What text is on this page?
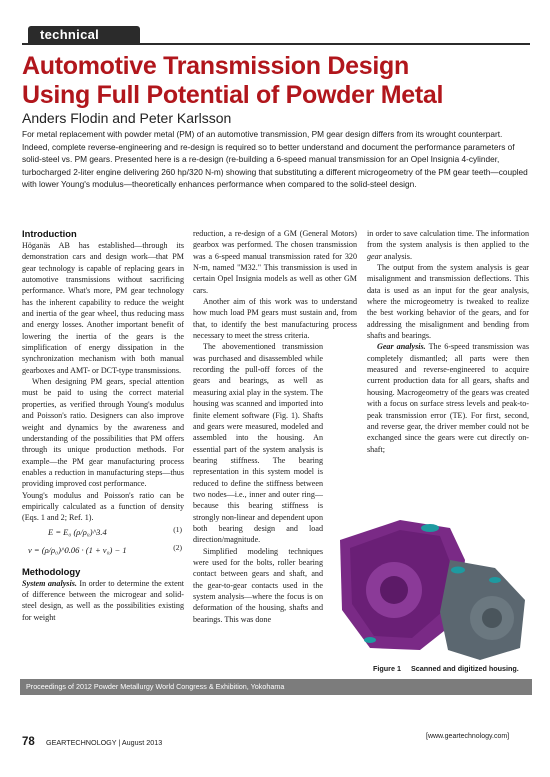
technical
Automotive Transmission Design
Using Full Potential of Powder Metal
Anders Flodin and Peter Karlsson
For metal replacement with powder metal (PM) of an automotive transmission, PM gear design differs from its wrought counterpart. Indeed, complete reverse-engineering and re-design is required so to better understand and document the performance parameters of solid-steel vs. PM gears. Presented here is a re-design (re-building a 6-speed manual transmission for an Opel Insignia 4-cylinder, turbocharged 2-liter engine delivering 260 hp/320 N-m) showing that substituting a different microgeometry of the PM gear teeth—coupled with lower Young's modulus—theoretically enhances performance when compared to the solid-steel design.
Introduction

Höganäs AB has established—through its demonstration cars and design work—that PM gear technology is capable of replacing gears in automotive transmissions without sacrificing performance. What's more, PM gear technology has the inherent capability to reduce the weight and inertia of the gear wheel, thus reducing mass and energy losses. Another important benefit of lowering the inertia of the gears is the simplification of energy dissipation in the synchronization mechanism with both manual gearboxes and AMT- or DCT-type transmissions.

When designing PM gears, special attention must be paid to using the correct material properties, as verified through Young's modulus and Poisson's ratio. Designers can also improve weight and dynamics by the awareness and understanding of the possibilities that PM offers through its unique production methods. For example—the PM gear manufacturing process enables a reduction in manufacturing steps—thus providing improved cost performance.

Young's modulus and Poisson's ratio can be empirically calculated as a function of density (Eqs. 1 and 2; Ref. 1).

E = E₀ (ρ/ρ₀)^3.4	(1)
ν = (ρ/ρ₀)^0.06 · (1 + ν₀) − 1	(2)
Methodology

System analysis. In order to determine the extent of difference between the microgear and solid-steel design, as well as the possibilities existing for weight

reduction, a re-design of a GM (General Motors) gearbox was performed. The chosen transmission was a 6-speed manual transmission rated for 320 N-m, named "M32." This transmission is used in certain Opel Insignia models as well as other GM cars.

Another aim of this work was to understand how much load PM gears must sustain and, from that, to identify the best manufacturing process necessary to meet the stress criteria.

The abovementioned transmission was purchased and disassembled while recording the pull-off forces of the gears and bearings, as well as measuring axial play in the system. The housing was scanned and imported into finite element software (Fig. 1). Shafts and gears were measured, modeled and assembled into the housing. An essential part of the system analysis is bearing stiffness. The bearing representation in this system model is reduced to define the stiffness between two nodes—i.e., inner and outer ring—because this bearing stiffness is strongly non-linear and dependent upon both bearing design and load direction/magnitude.

Simplified modeling techniques were used for the bolts, roller bearing contact between gears and shaft, and the gear-to-gear contacts used in the system analysis—where the focus is on deformation of the housing, shafts and bearings. This was done

in order to save calculation time. The information from the system analysis is then applied to the gear analysis.

The output from the system analysis is gear misalignment and transmission deflections. This data is used as an input for the gear analysis, where the microgeometry is tweaked to realize the best working behavior of the gears, and for addressing the misalignment and bending from shafts and bearings.

Gear analysis. The 6-speed transmission was completely dismantled; all parts were then measured and reverse-engineered to acquire current production data for all gears, shafts and housing. Macrogeometry of the gears was created with a focus on surface stress levels and peak-to-peak transmission error (TE). For first, second, and reverse gear, the driver member could not be exchanged since the gears were cut directly on-shaft;

Figure 1 Scanned and digitized housing.
Proceedings of 2012 Powder Metallurgy World Congress & Exhibition, Yokohama
78 GEARTECHNOLOGY | August 2013
[www.geartechnology.com]
